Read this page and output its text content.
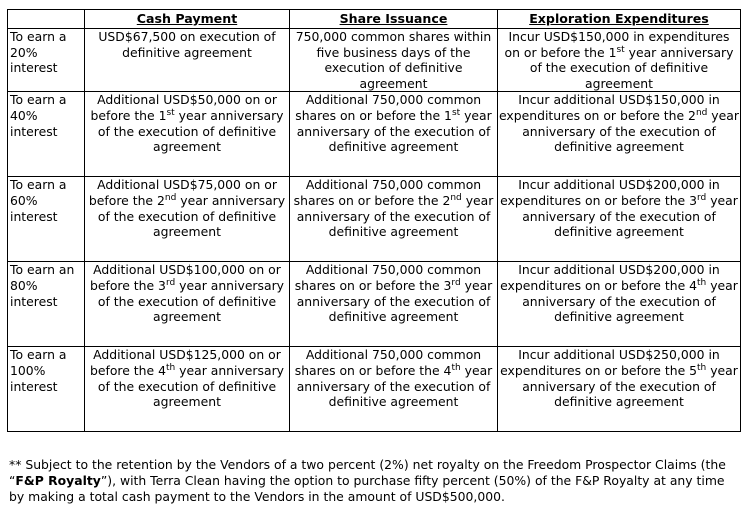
	Cash Payment	Share Issuance	Exploration Expenditures
To earn a 20% interest	USD$67,500 on execution of definitive agreement	750,000 common shares within five business days of the execution of definitive agreement	Incur USD$150,000 in expenditures on or before the 1st year anniversary of the execution of definitive agreement
To earn a 40% interest	Additional USD$50,000 on or before the 1st year anniversary of the execution of definitive agreement	Additional 750,000 common shares on or before the 1st year anniversary of the execution of definitive agreement	Incur additional USD$150,000 in expenditures on or before the 2nd year anniversary of the execution of definitive agreement
To earn a 60% interest	Additional USD$75,000 on or before the 2nd year anniversary of the execution of definitive agreement	Additional 750,000 common shares on or before the 2nd year anniversary of the execution of definitive agreement	Incur additional USD$200,000 in expenditures on or before the 3rd year anniversary of the execution of definitive agreement
To earn an 80% interest	Additional USD$100,000 on or before the 3rd year anniversary of the execution of definitive agreement	Additional 750,000 common shares on or before the 3rd year anniversary of the execution of definitive agreement	Incur additional USD$200,000 in expenditures on or before the 4th year anniversary of the execution of definitive agreement
To earn a 100% interest	Additional USD$125,000 on or before the 4th year anniversary of the execution of definitive agreement	Additional 750,000 common shares on or before the 4th year anniversary of the execution of definitive agreement	Incur additional USD$250,000 in expenditures on or before the 5th year anniversary of the execution of definitive agreement

** Subject to the retention by the Vendors of a two percent (2%) net royalty on the Freedom Prospector Claims (the “F&P Royalty”), with Terra Clean having the option to purchase fifty percent (50%) of the F&P Royalty at any time by making a total cash payment to the Vendors in the amount of USD$500,000.
